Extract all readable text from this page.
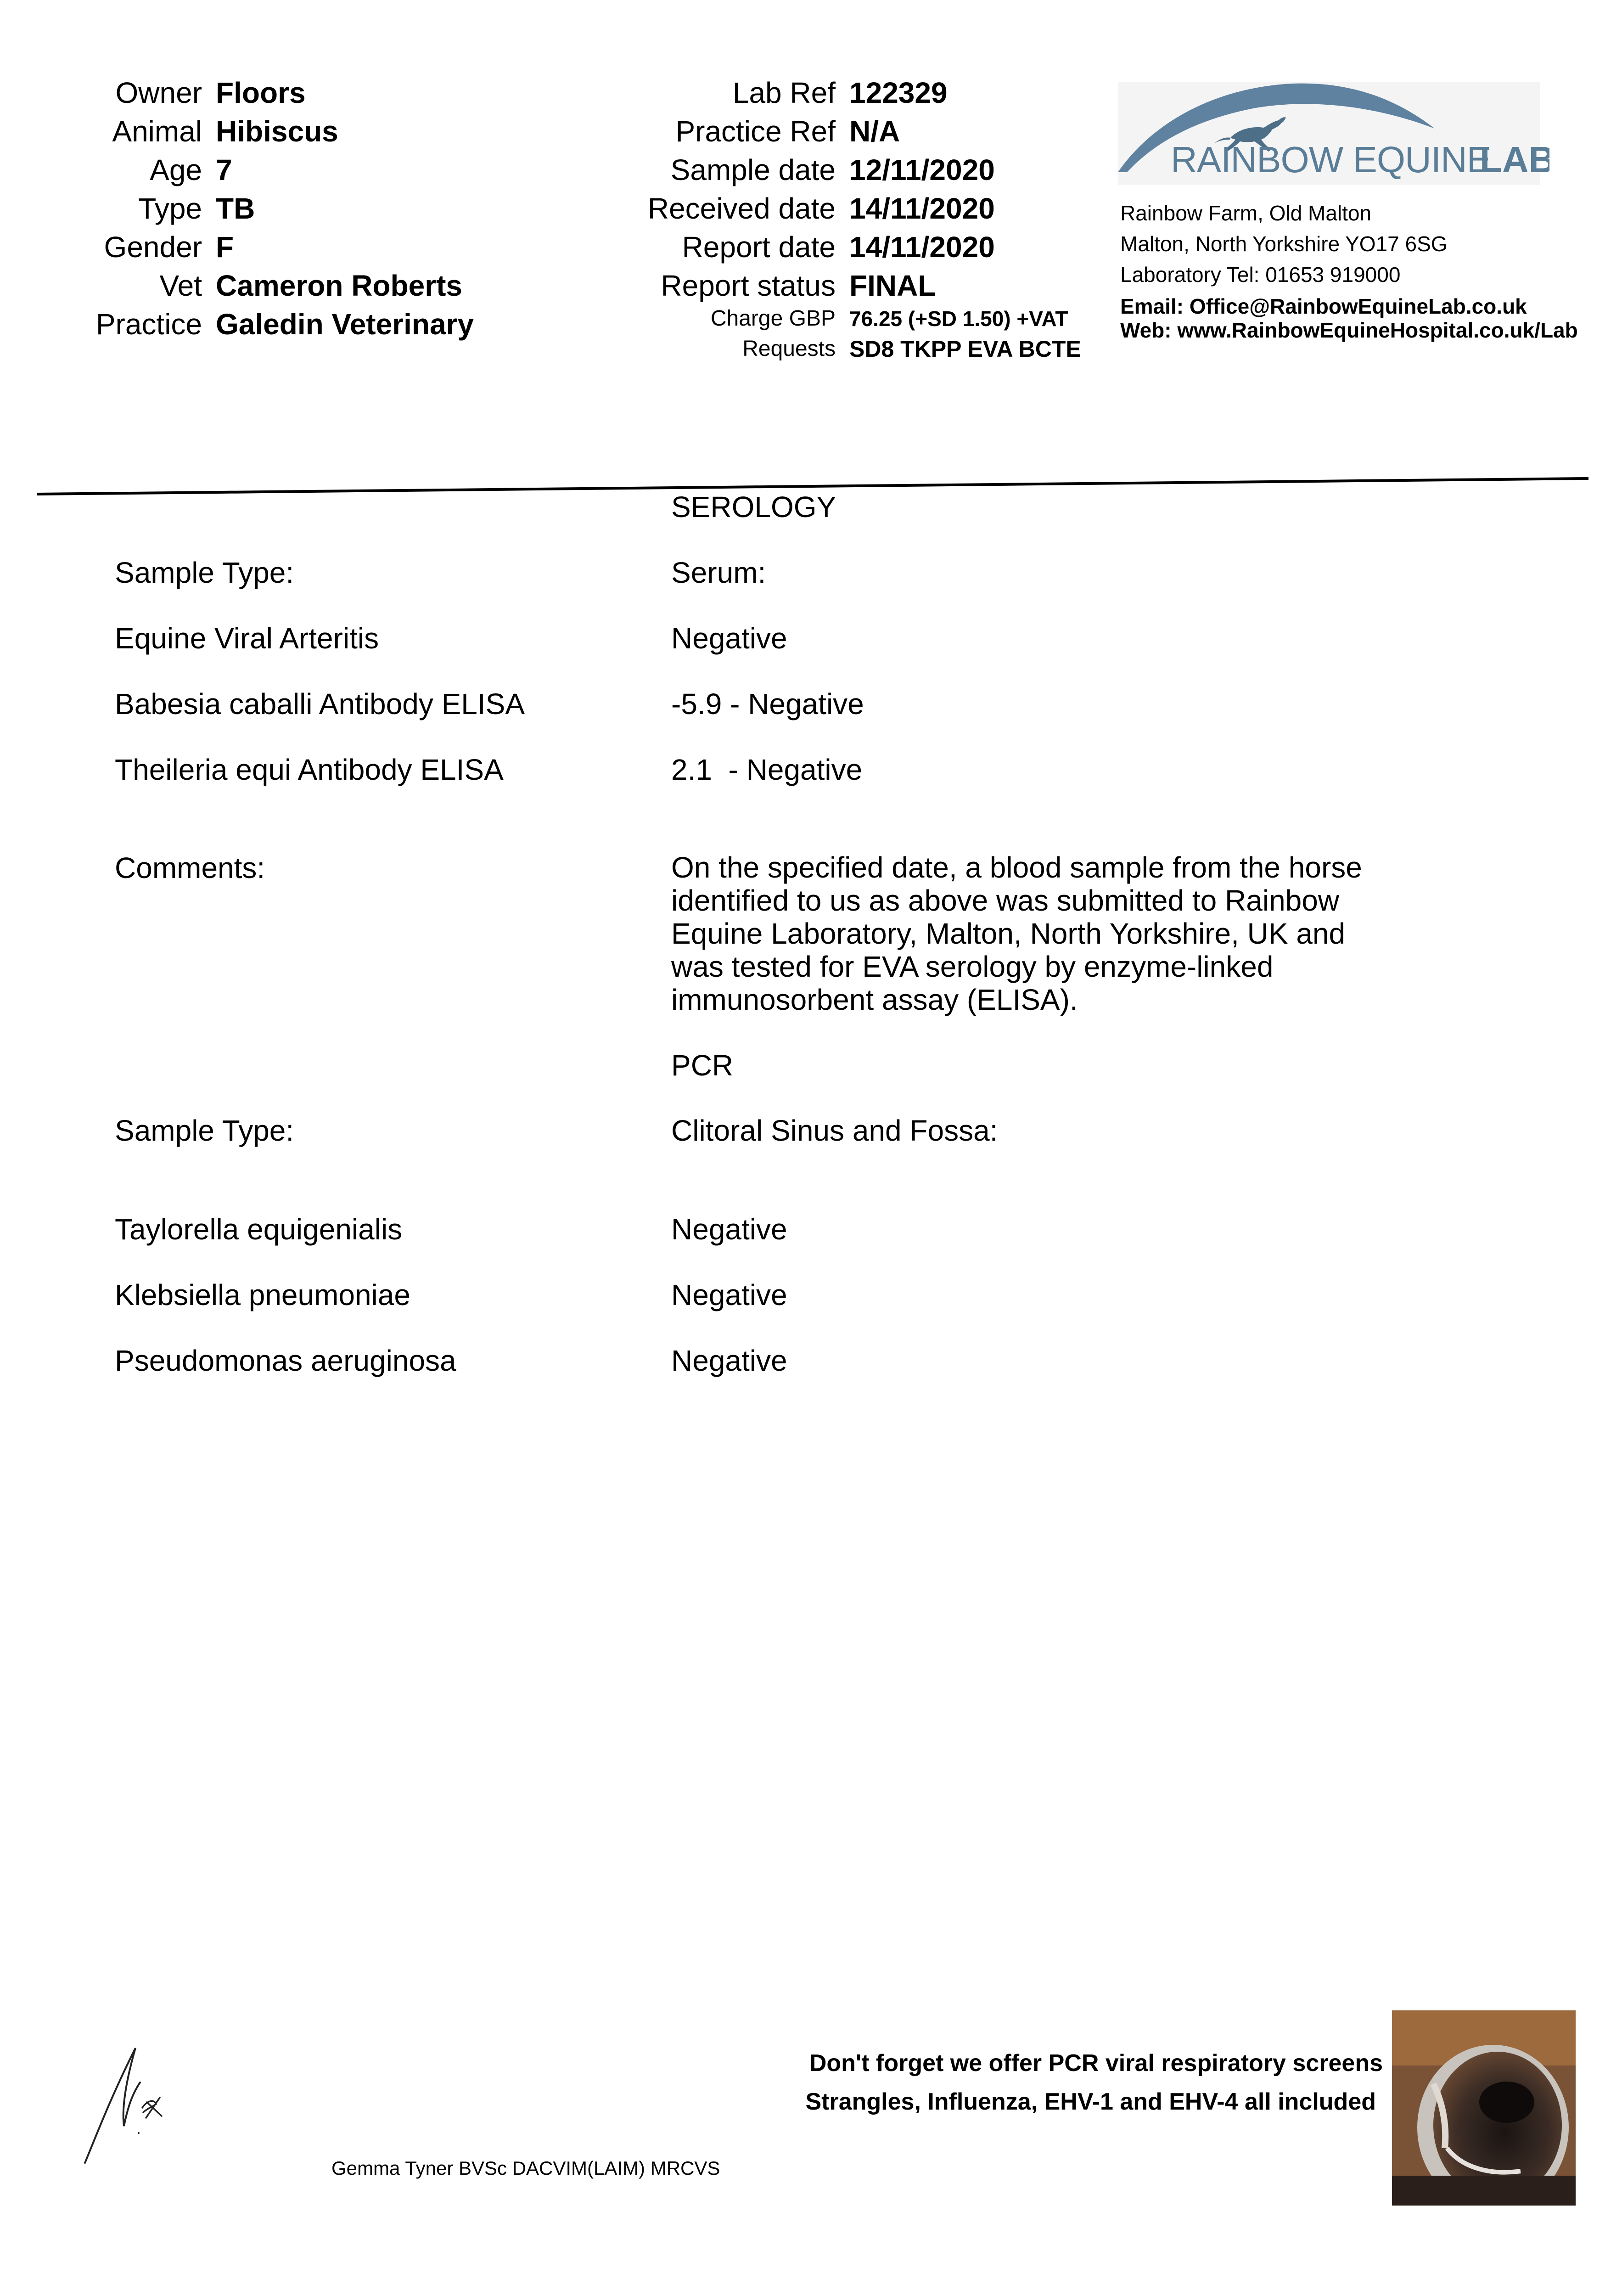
Owner Floors
Animal Hibiscus
Age 7
Type TB
Gender F
Vet Cameron Roberts
Practice Galedin Veterinary
Lab Ref 122329
Practice Ref N/A
Sample date 12/11/2020
Received date 14/11/2020
Report date 14/11/2020
Report status FINAL
Charge GBP 76.25 (+SD 1.50) +VAT
Requests SD8 TKPP EVA BCTE
RAINBOW EQUINE
LAB
Rainbow Farm, Old Malton
Malton, North Yorkshire YO17 6SG
Laboratory Tel: 01653 919000
Email: Office@RainbowEquineLab.co.uk
Web: www.RainbowEquineHospital.co.uk/Lab
SEROLOGY
Sample Type:	Serum:
Equine Viral Arteritis	Negative
Babesia caballi Antibody ELISA	-5.9 - Negative
Theileria equi Antibody ELISA	2.1  - Negative
Comments:	On the specified date, a blood sample from the horse
identified to us as above was submitted to Rainbow
Equine Laboratory, Malton, North Yorkshire, UK and
was tested for EVA serology by enzyme-linked
immunosorbent assay (ELISA).
PCR
Sample Type:	Clitoral Sinus and Fossa:
Taylorella equigenialis	Negative
Klebsiella pneumoniae	Negative
Pseudomonas aeruginosa	Negative
Gemma Tyner BVSc DACVIM(LAIM) MRCVS
Don't forget we offer PCR viral respiratory screens
Strangles, Influenza, EHV-1 and EHV-4 all included
